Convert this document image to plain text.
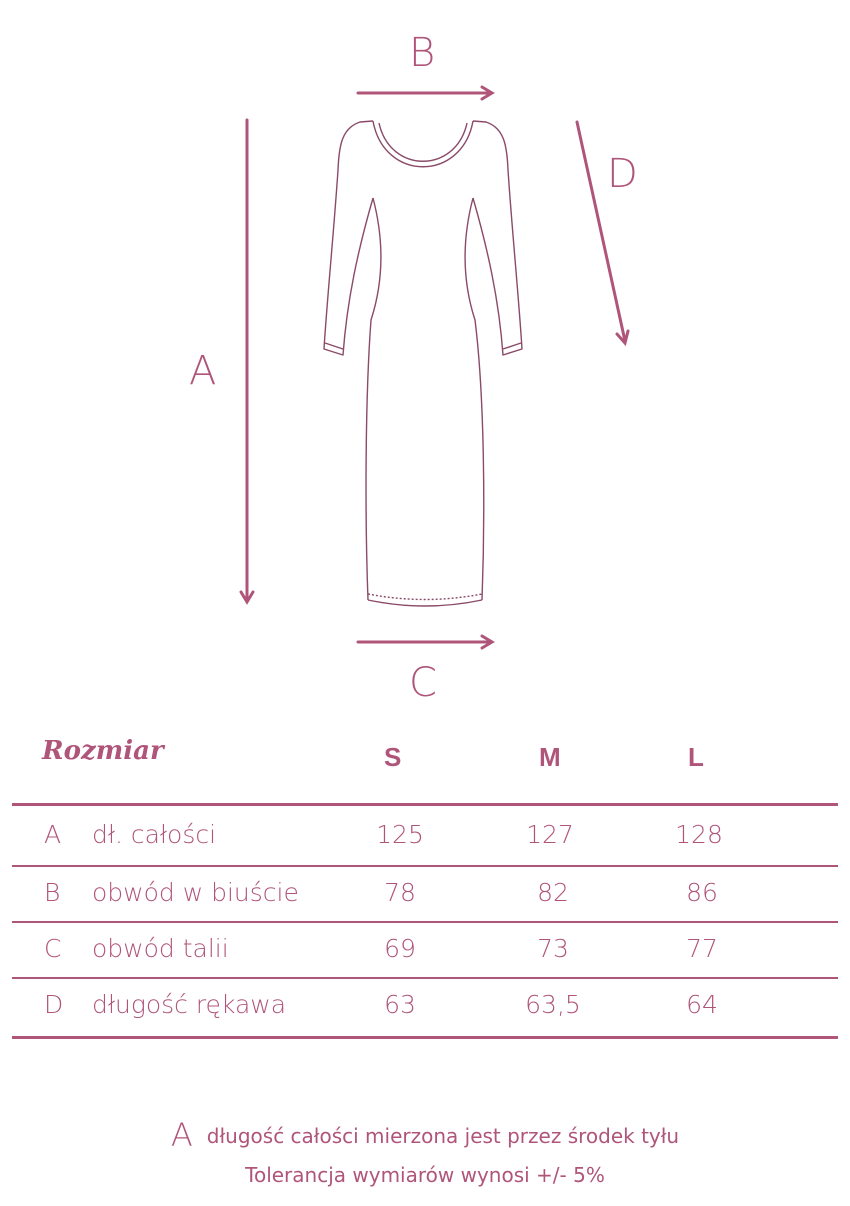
B
D
A
C
Rozmiar	S	M	L
A dł. całości	125	127	128
B obwód w biuście	78	82	86
C obwód talii	69	73	77
D długość rękawa	63	63,5	64
Adługość całości mierzona jest przez środek tyłu
Tolerancja wymiarów wynosi +/- 5%
